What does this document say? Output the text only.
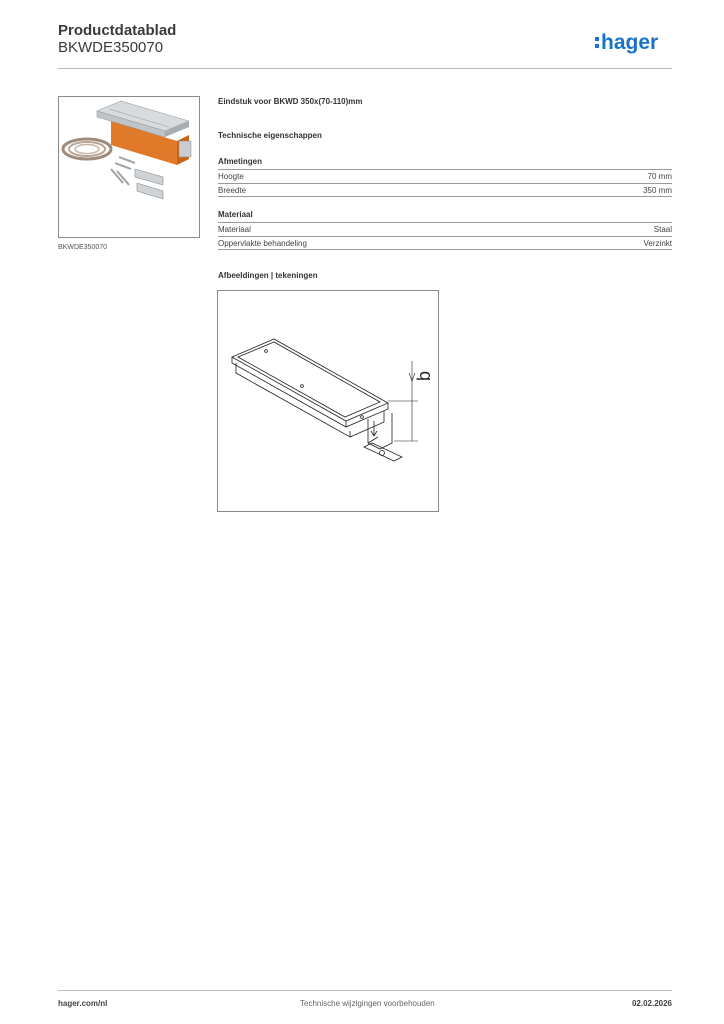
Productdatablad
BKWDE350070	hager
BKWDE350070
Eindstuk voor BKWD 350x(70-110)mm
Technische eigenschappen
Afmetingen
Hoogte	70 mm
Breedte	350 mm
Materiaal
Materiaal	Staal
Oppervlakte behandeling	Verzinkt
Afbeeldingen | tekeningen
b
hager.com/nl	Technische wijzigingen voorbehouden	02.02.2026
